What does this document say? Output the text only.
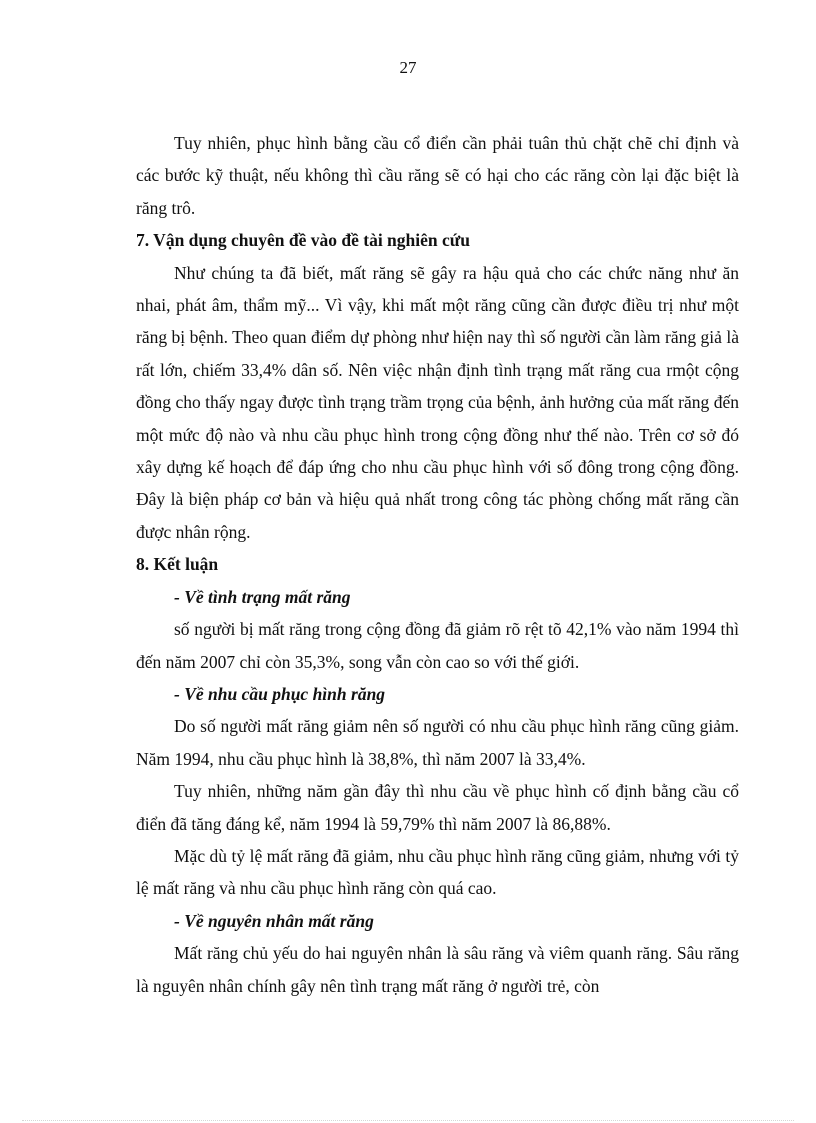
27

Tuy nhiên, phục hình bằng cầu cổ điển cần phải tuân thủ chặt chẽ chỉ định và các bước kỹ thuật, nếu không thì cầu răng sẽ có hại cho các răng còn lại đặc biệt là răng trô.

7. Vận dụng chuyên đề vào đề tài nghiên cứu

Như chúng ta đã biết, mất răng sẽ gây ra hậu quả cho các chức năng như ăn nhai, phát âm, thẩm mỹ... Vì vậy, khi mất một răng cũng cần được điều trị như một răng bị bệnh. Theo quan điểm dự phòng như hiện nay thì số người cần làm răng giả là rất lớn, chiếm 33,4% dân số. Nên việc nhận định tình trạng mất răng cua rmột cộng đồng cho thấy ngay được tình trạng trầm trọng của bệnh, ảnh hưởng của mất răng đến một mức độ nào và nhu cầu phục hình trong cộng đồng như thế nào. Trên cơ sở đó xây dựng kế hoạch để đáp ứng cho nhu cầu phục hình với số đông trong cộng đồng. Đây là biện pháp cơ bản và hiệu quả nhất trong công tác phòng chống mất răng cần được nhân rộng.

8. Kết luận
- Về tình trạng mất răng

số người bị mất răng trong cộng đồng đã giảm rõ rệt tõ 42,1% vào năm 1994 thì đến năm 2007 chỉ còn 35,3%, song vẫn còn cao so với thế giới.

- Về nhu cầu phục hình răng

Do số người mất răng giảm nên số người có nhu cầu phục hình răng cũng giảm. Năm 1994, nhu cầu phục hình là 38,8%, thì năm 2007 là 33,4%.

Tuy nhiên, những năm gần đây thì nhu cầu về phục hình cố định bằng cầu cổ điển đã tăng đáng kể, năm 1994 là 59,79% thì năm 2007 là 86,88%.

Mặc dù tỷ lệ mất răng đã giảm, nhu cầu phục hình răng cũng giảm, nhưng với tỷ lệ mất răng và nhu cầu phục hình răng còn quá cao.

- Về nguyên nhân mất răng

Mất răng chủ yếu do hai nguyên nhân là sâu răng và viêm quanh răng. Sâu răng là nguyên nhân chính gây nên tình trạng mất răng ở người trẻ, còn
